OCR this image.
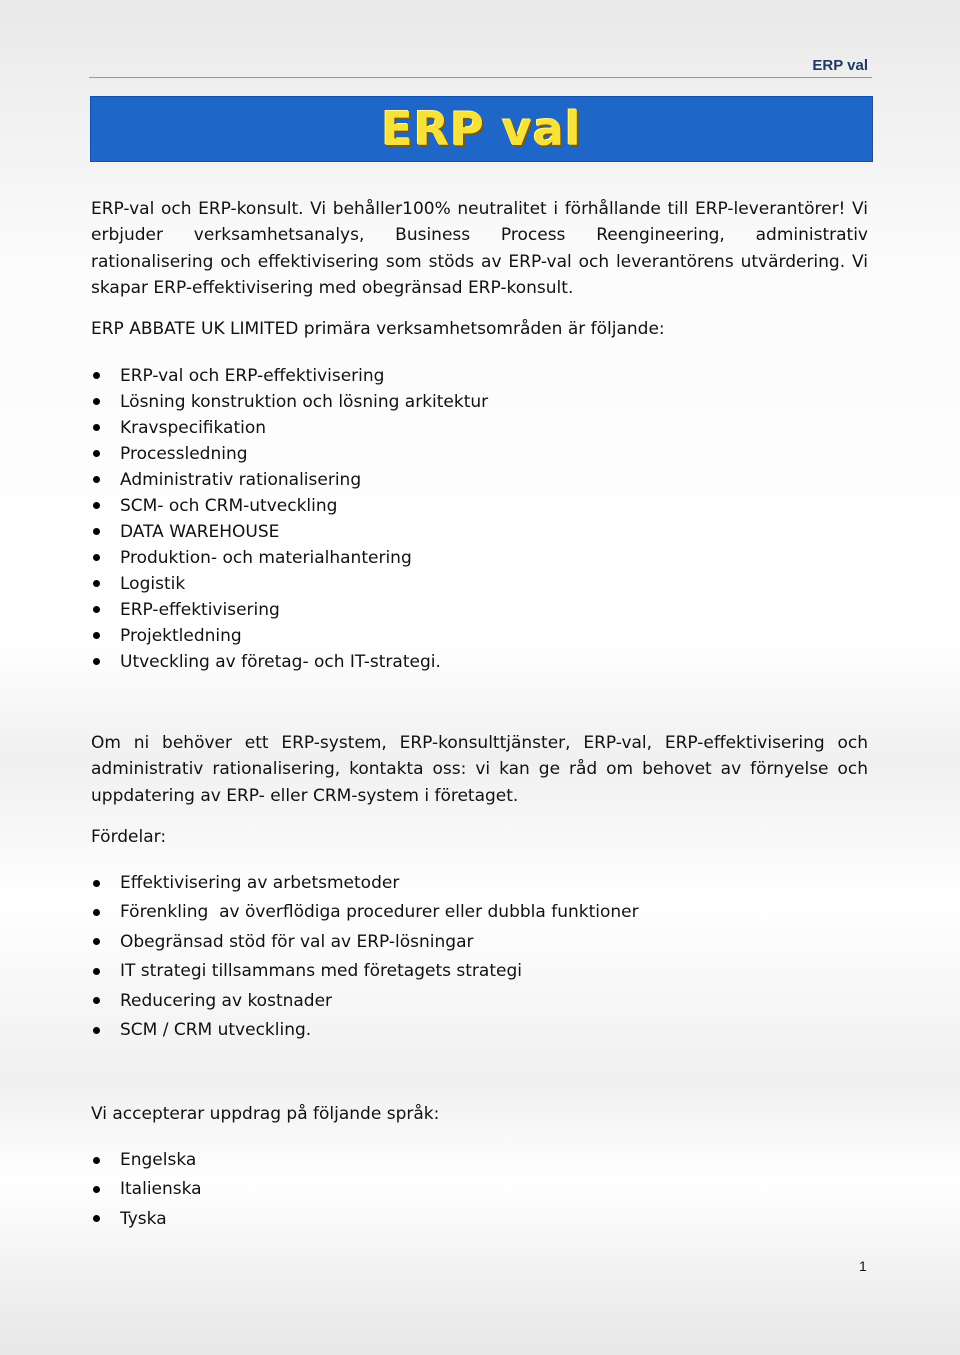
ERP val
ERP val

ERP-val och ERP-konsult. Vi behåller100% neutralitet i förhållande till ERP-leverantörer! Vi erbjuder verksamhetsanalys, Business Process Reengineering, administrativ rationalisering och effektivisering som stöds av ERP-val och leverantörens utvärdering. Vi skapar ERP-effektivisering med obegränsad ERP-konsult.

ERP ABBATE UK LIMITED primära verksamhetsområden är följande:

ERP-val och ERP-effektivisering
Lösning konstruktion och lösning arkitektur
Kravspecifikation
Processledning
Administrativ rationalisering
SCM- och CRM-utveckling
DATA WAREHOUSE
Produktion- och materialhantering
Logistik
ERP-effektivisering
Projektledning
Utveckling av företag- och IT-strategi.

Om ni behöver ett ERP-system, ERP-konsulttjänster, ERP-val, ERP-effektivisering och administrativ rationalisering, kontakta oss: vi kan ge råd om behovet av förnyelse och uppdatering av ERP- eller CRM-system i företaget.

Fördelar:

Effektivisering av arbetsmetoder
Förenkling  av överflödiga procedurer eller dubbla funktioner
Obegränsad stöd för val av ERP-lösningar
IT strategi tillsammans med företagets strategi
Reducering av kostnader
SCM / CRM utveckling.

Vi accepterar uppdrag på följande språk:

Engelska
Italienska
Tyska
1
